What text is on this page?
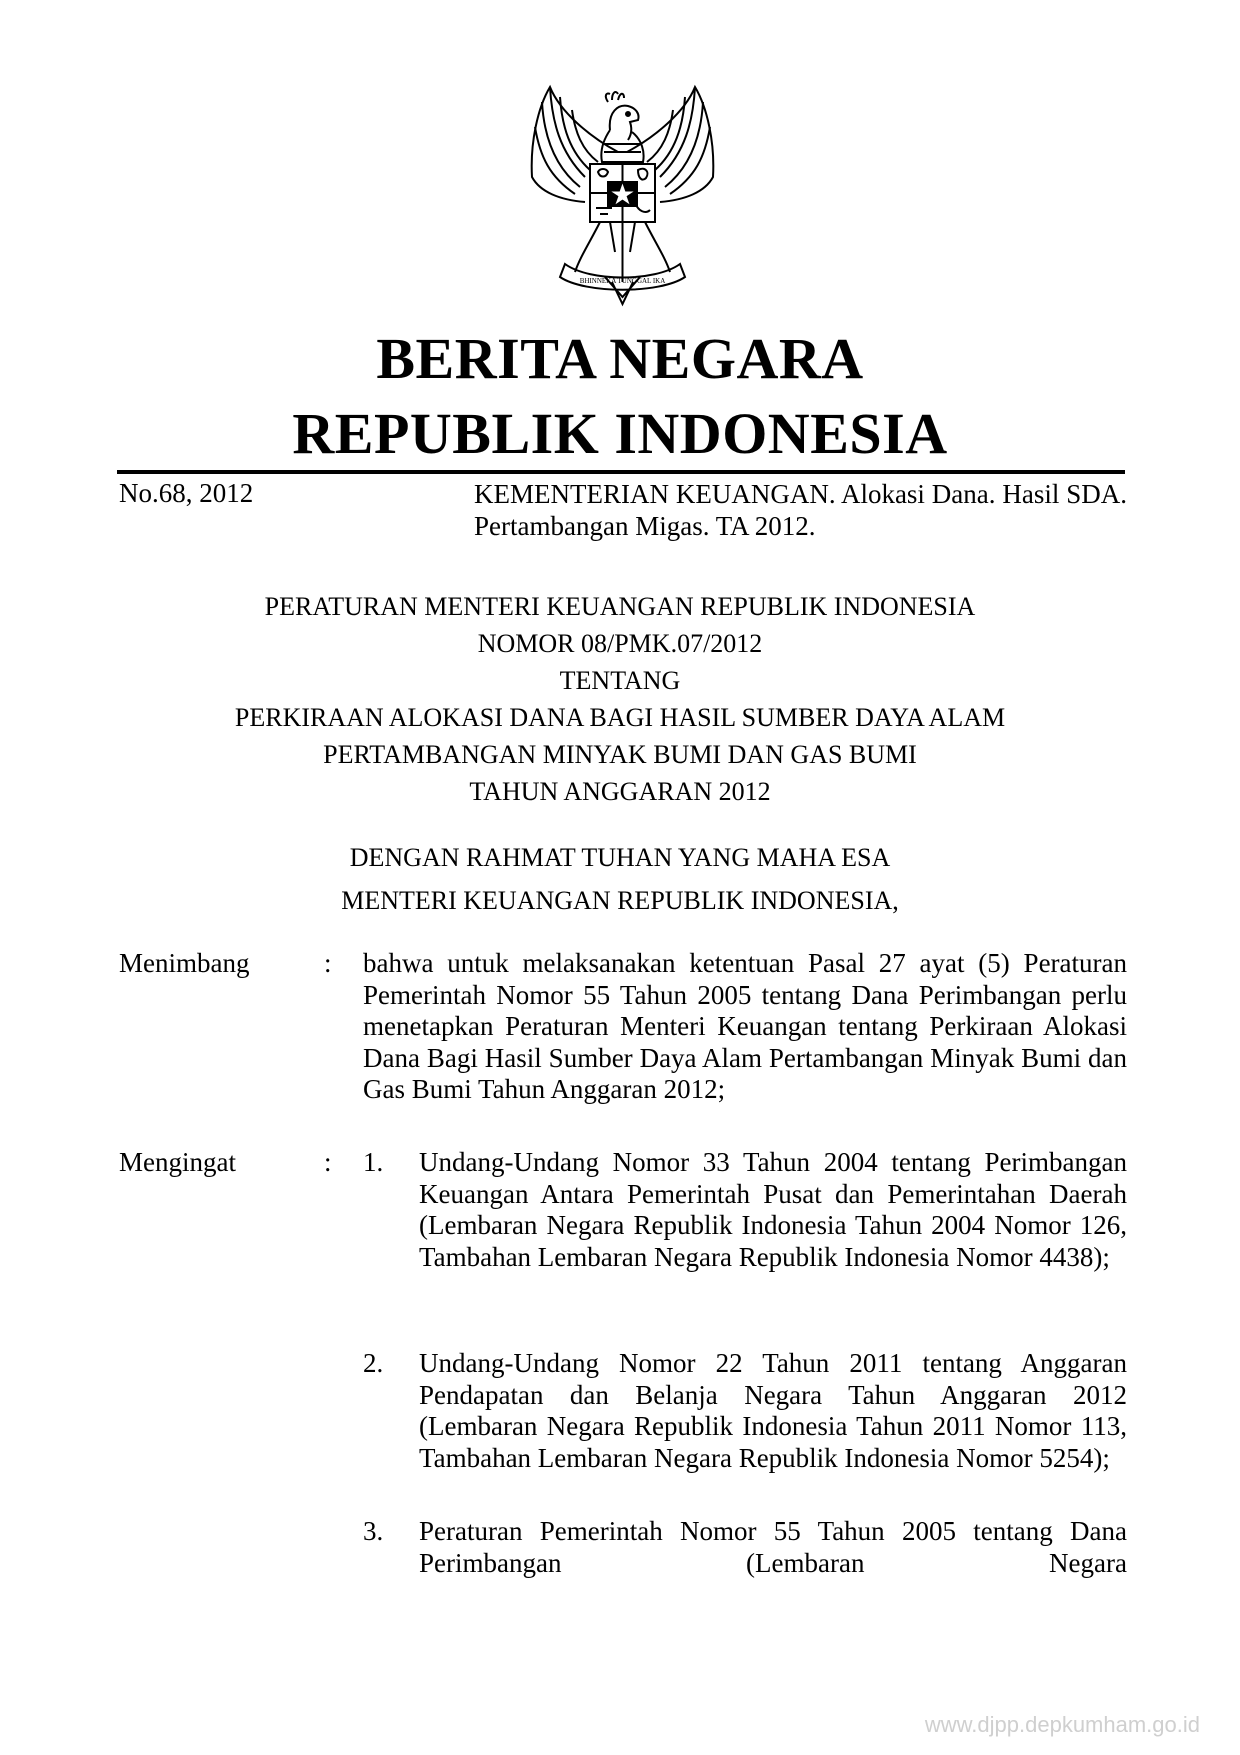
BHINNEKA TUNGGAL IKA
BERITA NEGARA
REPUBLIK INDONESIA
No.68, 2012	KEMENTERIAN KEUANGAN. Alokasi Dana. Hasil SDA. Pertambangan Migas. TA 2012.
PERATURAN MENTERI KEUANGAN REPUBLIK INDONESIA
NOMOR 08/PMK.07/2012
TENTANG
PERKIRAAN ALOKASI DANA BAGI HASIL SUMBER DAYA ALAM
PERTAMBANGAN MINYAK BUMI DAN GAS BUMI
TAHUN ANGGARAN 2012
DENGAN RAHMAT TUHAN YANG MAHA ESA
MENTERI KEUANGAN REPUBLIK INDONESIA,
Menimbang	: bahwa untuk melaksanakan ketentuan Pasal 27 ayat (5) Peraturan Pemerintah Nomor 55 Tahun 2005 tentang Dana Perimbangan perlu menetapkan Peraturan Menteri Keuangan tentang Perkiraan Alokasi Dana Bagi Hasil Sumber Daya Alam Pertambangan Minyak Bumi dan Gas Bumi Tahun Anggaran 2012;
Mengingat	: 1. Undang-Undang Nomor 33 Tahun 2004 tentang Perimbangan Keuangan Antara Pemerintah Pusat dan Pemerintahan Daerah (Lembaran Negara Republik Indonesia Tahun 2004 Nomor 126, Tambahan Lembaran Negara Republik Indonesia Nomor 4438);
2. Undang-Undang Nomor 22 Tahun 2011 tentang Anggaran Pendapatan dan Belanja Negara Tahun Anggaran 2012 (Lembaran Negara Republik Indonesia Tahun 2011 Nomor 113, Tambahan Lembaran Negara Republik Indonesia Nomor 5254);
3. Peraturan Pemerintah Nomor 55 Tahun 2005 tentang Dana Perimbangan (Lembaran Negara
www.djpp.depkumham.go.id
